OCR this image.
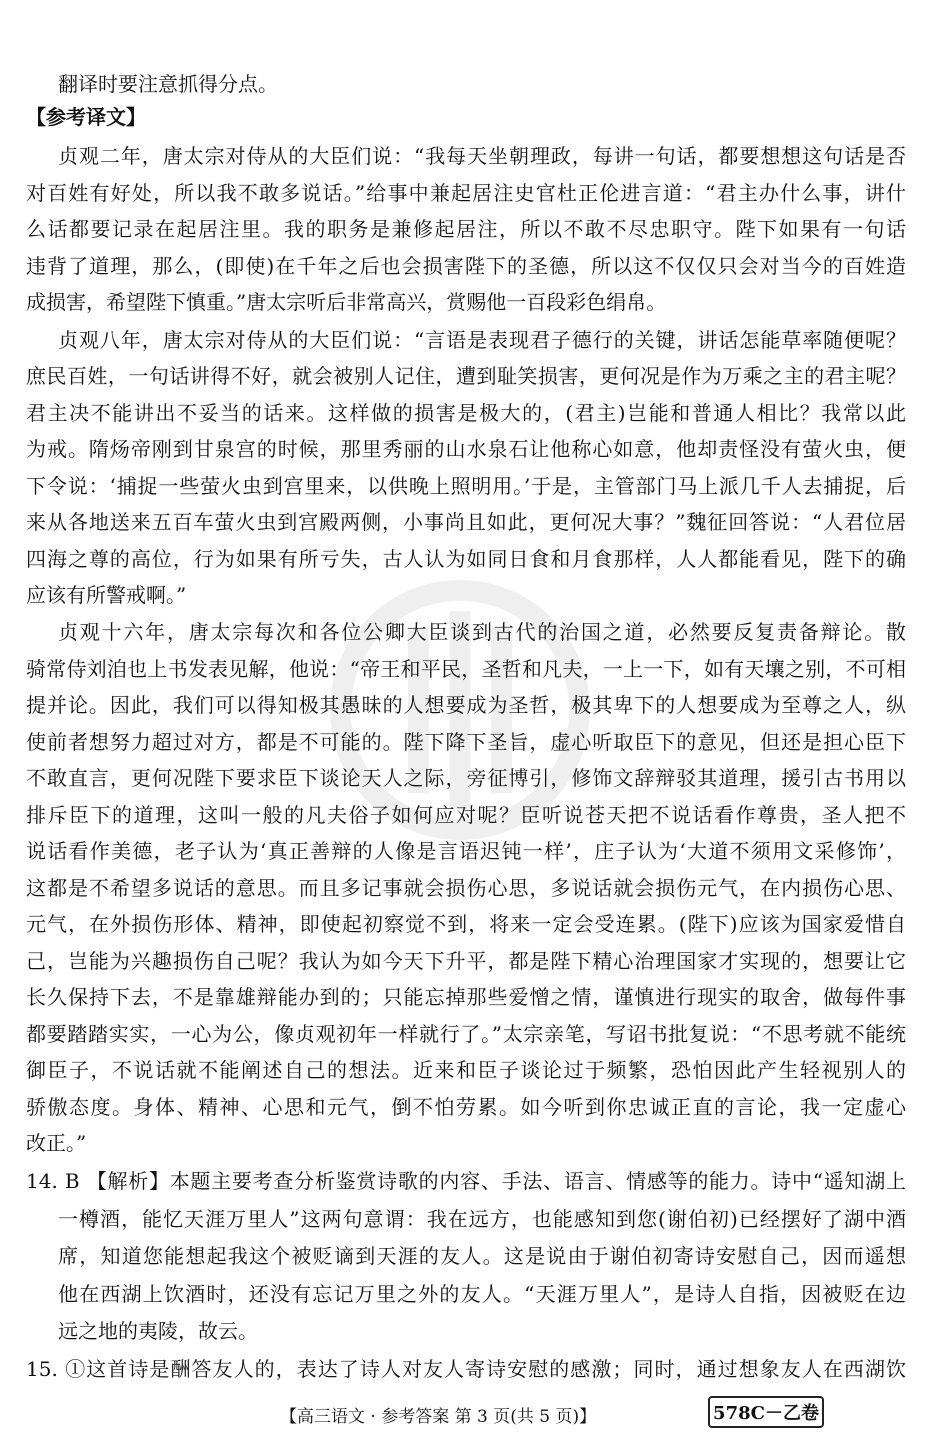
翻译时要注意抓得分点。
【参考译文】
贞观二年，唐太宗对侍从的大臣们说：“我每天坐朝理政，每讲一句话，都要想想这句话是否
对百姓有好处，所以我不敢多说话。”给事中兼起居注史官杜正伦进言道：“君主办什么事，讲什
么话都要记录在起居注里。我的职务是兼修起居注，所以不敢不尽忠职守。陛下如果有一句话
违背了道理，那么，(即使)在千年之后也会损害陛下的圣德，所以这不仅仅只会对当今的百姓造
成损害，希望陛下慎重。”唐太宗听后非常高兴，赏赐他一百段彩色绢帛。
贞观八年，唐太宗对侍从的大臣们说：“言语是表现君子德行的关键，讲话怎能草率随便呢？
庶民百姓，一句话讲得不好，就会被别人记住，遭到耻笑损害，更何况是作为万乘之主的君主呢？
君主决不能讲出不妥当的话来。这样做的损害是极大的，(君主)岂能和普通人相比？我常以此
为戒。隋炀帝刚到甘泉宫的时候，那里秀丽的山水泉石让他称心如意，他却责怪没有萤火虫，便
下令说：‘捕捉一些萤火虫到宫里来，以供晚上照明用。’于是，主管部门马上派几千人去捕捉，后
来从各地送来五百车萤火虫到宫殿两侧，小事尚且如此，更何况大事？”魏征回答说：“人君位居
四海之尊的高位，行为如果有所亏失，古人认为如同日食和月食那样，人人都能看见，陛下的确
应该有所警戒啊。”
贞观十六年，唐太宗每次和各位公卿大臣谈到古代的治国之道，必然要反复责备辩论。散
骑常侍刘洎也上书发表见解，他说：“帝王和平民，圣哲和凡夫，一上一下，如有天壤之别，不可相
提并论。因此，我们可以得知极其愚昧的人想要成为圣哲，极其卑下的人想要成为至尊之人，纵
使前者想努力超过对方，都是不可能的。陛下降下圣旨，虚心听取臣下的意见，但还是担心臣下
不敢直言，更何况陛下要求臣下谈论天人之际，旁征博引，修饰文辞辩驳其道理，援引古书用以
排斥臣下的道理，这叫一般的凡夫俗子如何应对呢？臣听说苍天把不说话看作尊贵，圣人把不
说话看作美德，老子认为‘真正善辩的人像是言语迟钝一样’，庄子认为‘大道不须用文采修饰’，
这都是不希望多说话的意思。而且多记事就会损伤心思，多说话就会损伤元气，在内损伤心思、
元气，在外损伤形体、精神，即使起初察觉不到，将来一定会受连累。(陛下)应该为国家爱惜自
己，岂能为兴趣损伤自己呢？我认为如今天下升平，都是陛下精心治理国家才实现的，想要让它
长久保持下去，不是靠雄辩能办到的；只能忘掉那些爱憎之情，谨慎进行现实的取舍，做每件事
都要踏踏实实，一心为公，像贞观初年一样就行了。”太宗亲笔，写诏书批复说：“不思考就不能统
御臣子，不说话就不能阐述自己的想法。近来和臣子谈论过于频繁，恐怕因此产生轻视别人的
骄傲态度。身体、精神、心思和元气，倒不怕劳累。如今听到你忠诚正直的言论，我一定虚心
改正。”
14. B 【解析】本题主要考查分析鉴赏诗歌的内容、手法、语言、情感等的能力。诗中“遥知湖上
一樽酒，能忆天涯万里人”这两句意谓：我在远方，也能感知到您(谢伯初)已经摆好了湖中酒
席，知道您能想起我这个被贬谪到天涯的友人。这是说由于谢伯初寄诗安慰自己，因而遥想
他在西湖上饮酒时，还没有忘记万里之外的友人。“天涯万里人”，是诗人自指，因被贬在边
远之地的夷陵，故云。
15. ①这首诗是酬答友人的，表达了诗人对友人寄诗安慰的感激；同时，通过想象友人在西湖饮
【高三语文 · 参考答案 第 3 页(共 5 页)】	578C－乙卷
